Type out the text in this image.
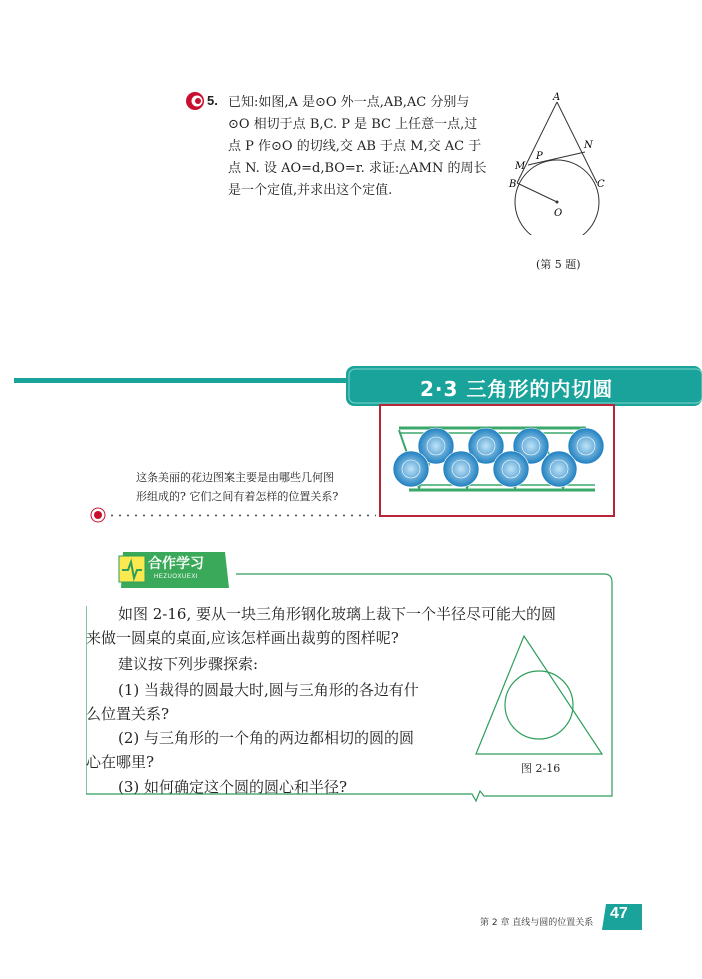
5. 已知:如图,A 是⊙O 外一点,AB,AC 分别与
⊙O 相切于点 B,C. P 是 BC 上任意一点,过
点 P 作⊙O 的切线,交 AB 于点 M,交 AC 于
点 N. 设 AO=d,BO=r. 求证:△AMN 的周长
是一个定值,并求出这个定值.
A
N
P
M
B	C
O
(第 5 题)
2·3 三角形的内切圆
这条美丽的花边图案主要是由哪些几何图
形组成的? 它们之间有着怎样的位置关系?
合作学习
HEZUOXUEXI
如图 2-16, 要从一块三角形钢化玻璃上裁下一个半径尽可能大的圆
来做一圆桌的桌面,应该怎样画出裁剪的图样呢?
建议按下列步骤探索:
(1) 当裁得的圆最大时,圆与三角形的各边有什
么位置关系?
(2) 与三角形的一个角的两边都相切的圆的圆
心在哪里?
(3) 如何确定这个圆的圆心和半径?
图 2-16
第 2 章 直线与圆的位置关系
47
